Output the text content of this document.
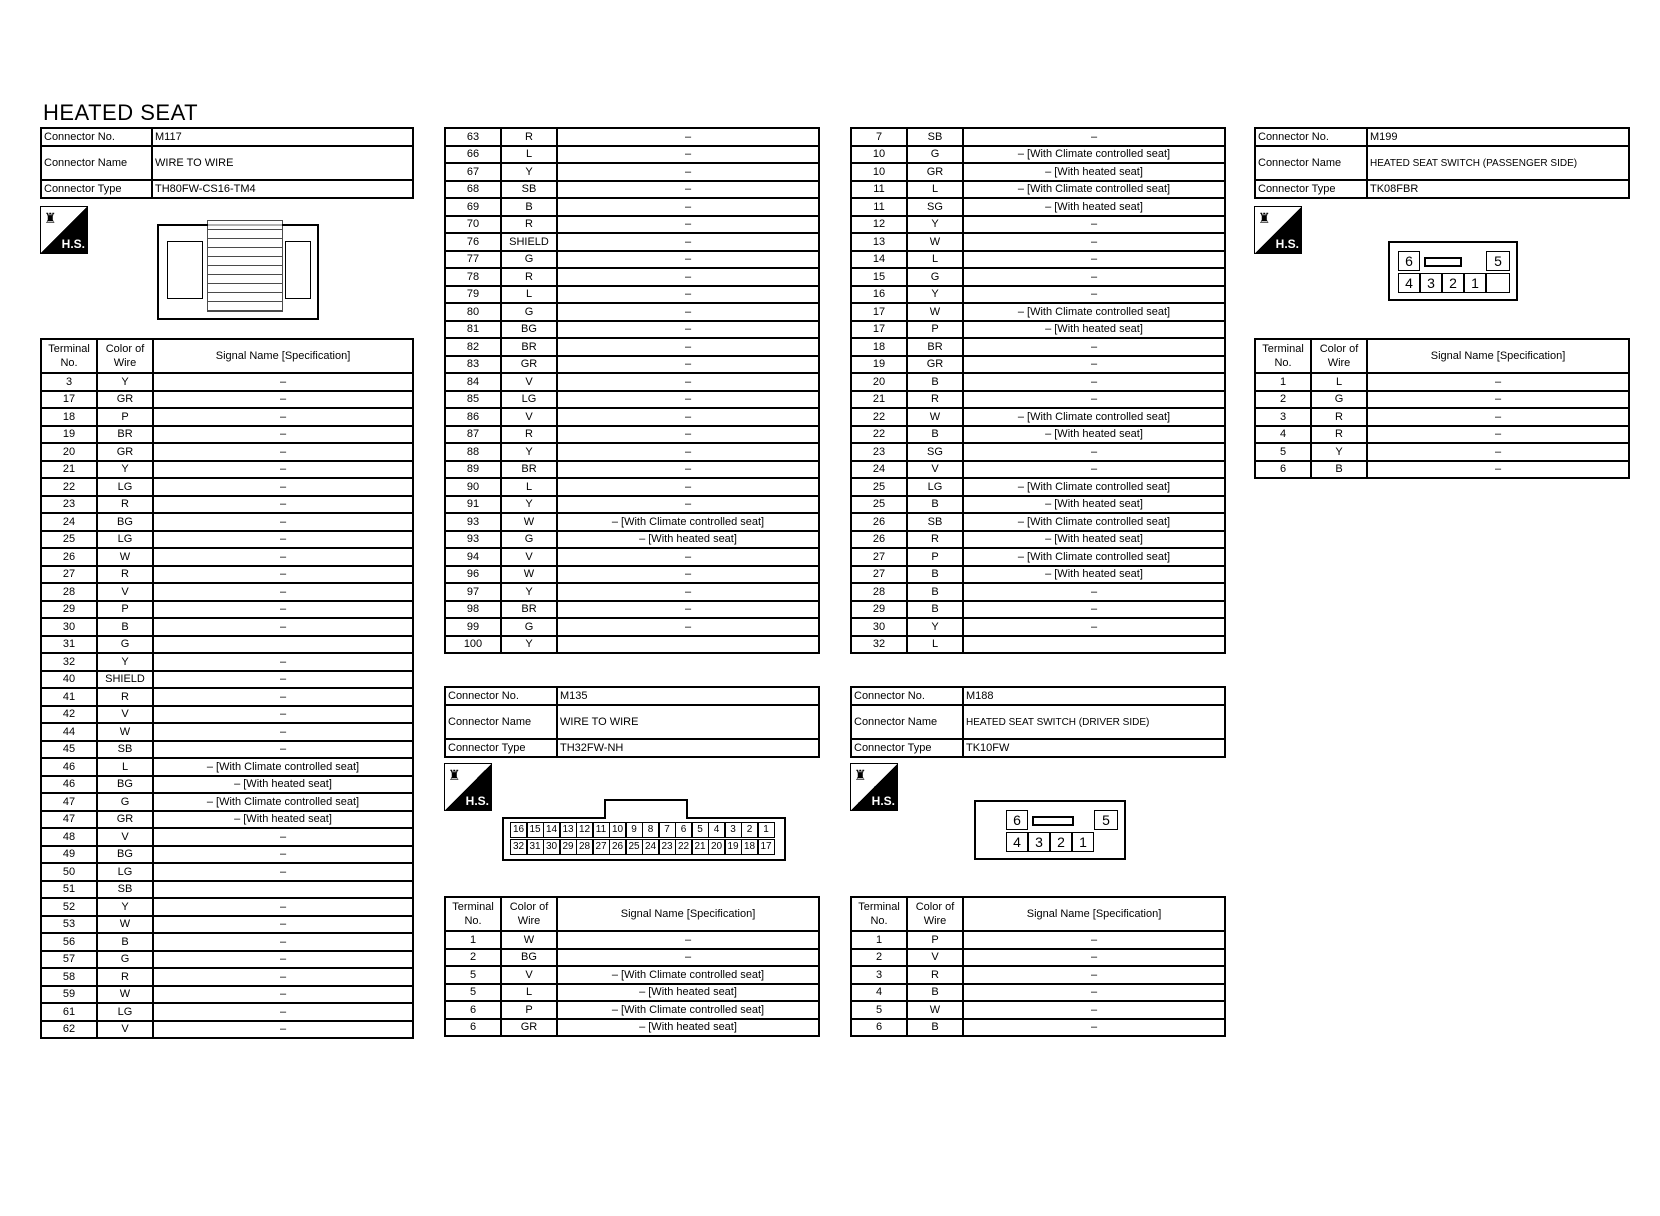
HEATED SEAT
Connector No.	M117
Connector Name	WIRE TO WIRE
Connector Type	TH80FW-CS16-TM4
♜
H.S.
Terminal No.	Color of Wire	Signal Name [Specification]
3	Y	–
17	GR	–
18	P	–
19	BR	–
20	GR	–
21	Y	–
22	LG	–
23	R	–
24	BG	–
25	LG	–
26	W	–
27	R	–
28	V	–
29	P	–
30	B	–
31	G	
32	Y	–
40	SHIELD	–
41	R	–
42	V	–
44	W	–
45	SB	–
46	L	– [With Climate controlled seat]
46	BG	– [With heated seat]
47	G	– [With Climate controlled seat]
47	GR	– [With heated seat]
48	V	–
49	BG	–
50	LG	–
51	SB	
52	Y	–
53	W	–
56	B	–
57	G	–
58	R	–
59	W	–
61	LG	–
62	V	–
63	R	–
66	L	–
67	Y	–
68	SB	–
69	B	–
70	R	–
76	SHIELD	–
77	G	–
78	R	–
79	L	–
80	G	–
81	BG	–
82	BR	–
83	GR	–
84	V	–
85	LG	–
86	V	–
87	R	–
88	Y	–
89	BR	–
90	L	–
91	Y	–
93	W	– [With Climate controlled seat]
93	G	– [With heated seat]
94	V	–
96	W	–
97	Y	–
98	BR	–
99	G	–
100	Y	
7	SB	–
10	G	– [With Climate controlled seat]
10	GR	– [With heated seat]
11	L	– [With Climate controlled seat]
11	SG	– [With heated seat]
12	Y	–
13	W	–
14	L	–
15	G	–
16	Y	–
17	W	– [With Climate controlled seat]
17	P	– [With heated seat]
18	BR	–
19	GR	–
20	B	–
21	R	–
22	W	– [With Climate controlled seat]
22	B	– [With heated seat]
23	SG	–
24	V	–
25	LG	– [With Climate controlled seat]
25	B	– [With heated seat]
26	SB	– [With Climate controlled seat]
26	R	– [With heated seat]
27	P	– [With Climate controlled seat]
27	B	– [With heated seat]
28	B	–
29	B	–
30	Y	–
32	L	
Connector No.	M135
Connector Name	WIRE TO WIRE
Connector Type	TH32FW-NH
♜
H.S.
16 15 14 13 12 11 10 9	8	7	6	5	4	3	2	1
32 31 30 29 28 27 26 25 24 23 22 21 20 19 18 17
Terminal No.	Color of Wire	Signal Name [Specification]
1	W	–
2	BG	–
5	V	– [With Climate controlled seat]
5	L	– [With heated seat]
6	P	– [With Climate controlled seat]
6	GR	– [With heated seat]
Connector No.	M188
Connector Name	HEATED SEAT SWITCH (DRIVER SIDE)
Connector Type	TK10FW
♜
H.S.
6	5
4	3	2	1
Terminal No.	Color of Wire	Signal Name [Specification]
1	P	–
2	V	–
3	R	–
4	B	–
5	W	–
6	B	–
Connector No.	M199
Connector Name	HEATED SEAT SWITCH (PASSENGER SIDE)
Connector Type	TK08FBR
♜
H.S.
6	5
4	3	2	1
Terminal No.	Color of Wire	Signal Name [Specification]
1	L	–
2	G	–
3	R	–
4	R	–
5	Y	–
6	B	–
